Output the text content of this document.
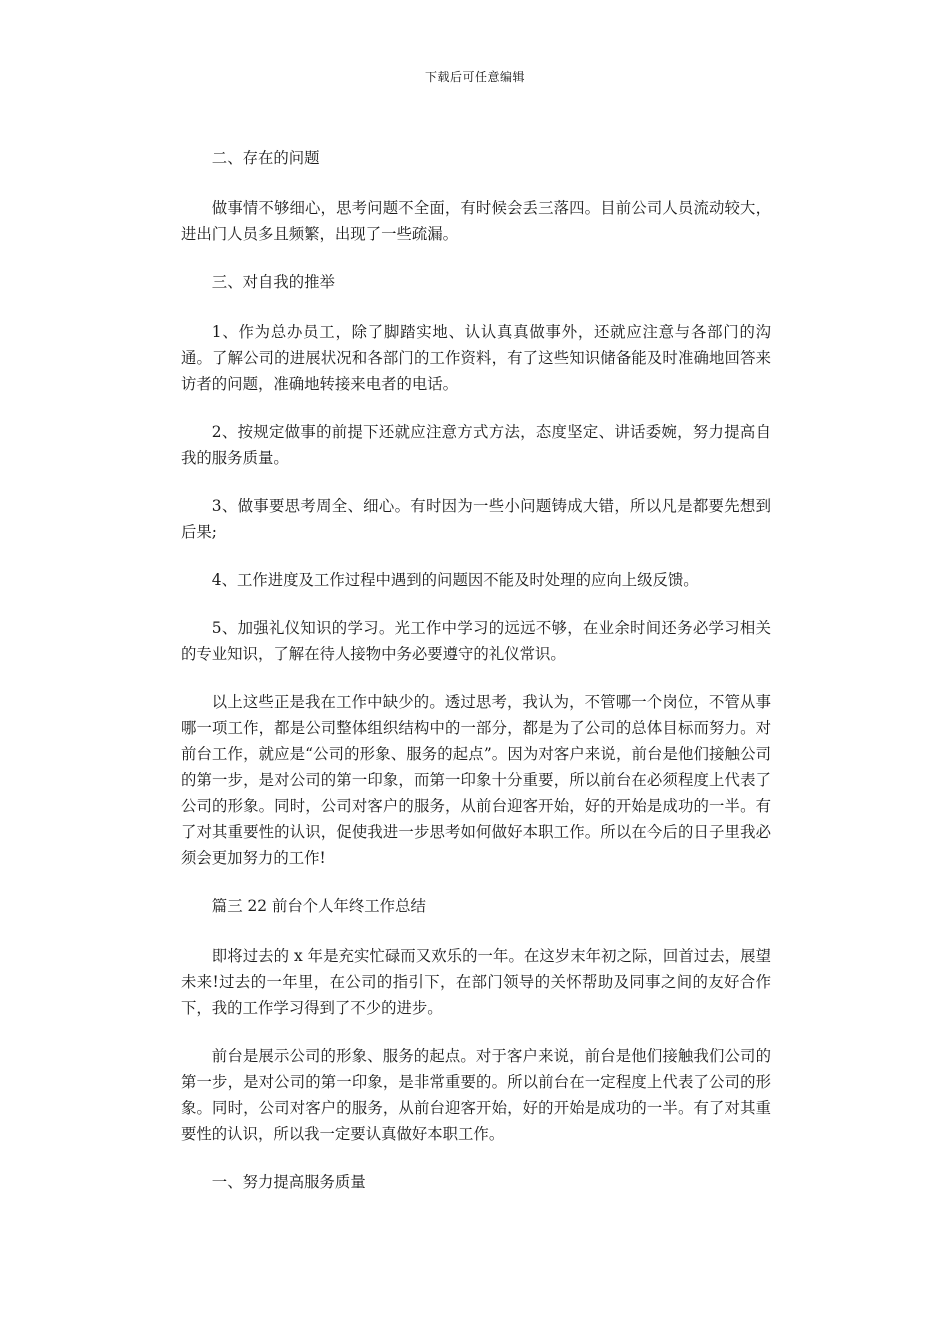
下载后可任意编辑

二、存在的问题

做事情不够细心，思考问题不全面，有时候会丢三落四。目前公司人员流动较大，进出门人员多且频繁，出现了一些疏漏。

三、对自我的推举

1、作为总办员工，除了脚踏实地、认认真真做事外，还就应注意与各部门的沟通。了解公司的进展状况和各部门的工作资料，有了这些知识储备能及时准确地回答来访者的问题，准确地转接来电者的电话。

2、按规定做事的前提下还就应注意方式方法，态度坚定、讲话委婉，努力提高自我的服务质量。

3、做事要思考周全、细心。有时因为一些小问题铸成大错，所以凡是都要先想到后果;

4、工作进度及工作过程中遇到的问题因不能及时处理的应向上级反馈。

5、加强礼仪知识的学习。光工作中学习的远远不够，在业余时间还务必学习相关的专业知识，了解在待人接物中务必要遵守的礼仪常识。

以上这些正是我在工作中缺少的。透过思考，我认为，不管哪一个岗位，不管从事哪一项工作，都是公司整体组织结构中的一部分，都是为了公司的总体目标而努力。对前台工作，就应是“公司的形象、服务的起点”。因为对客户来说，前台是他们接触公司的第一步，是对公司的第一印象，而第一印象十分重要，所以前台在必须程度上代表了公司的形象。同时，公司对客户的服务，从前台迎客开始，好的开始是成功的一半。有了对其重要性的认识，促使我进一步思考如何做好本职工作。所以在今后的日子里我必须会更加努力的工作!

篇三 22 前台个人年终工作总结

即将过去的 x 年是充实忙碌而又欢乐的一年。在这岁末年初之际，回首过去，展望未来!过去的一年里，在公司的指引下，在部门领导的关怀帮助及同事之间的友好合作下，我的工作学习得到了不少的进步。

前台是展示公司的形象、服务的起点。对于客户来说，前台是他们接触我们公司的第一步，是对公司的第一印象，是非常重要的。所以前台在一定程度上代表了公司的形象。同时，公司对客户的服务，从前台迎客开始，好的开始是成功的一半。有了对其重要性的认识，所以我一定要认真做好本职工作。

一、努力提高服务质量
